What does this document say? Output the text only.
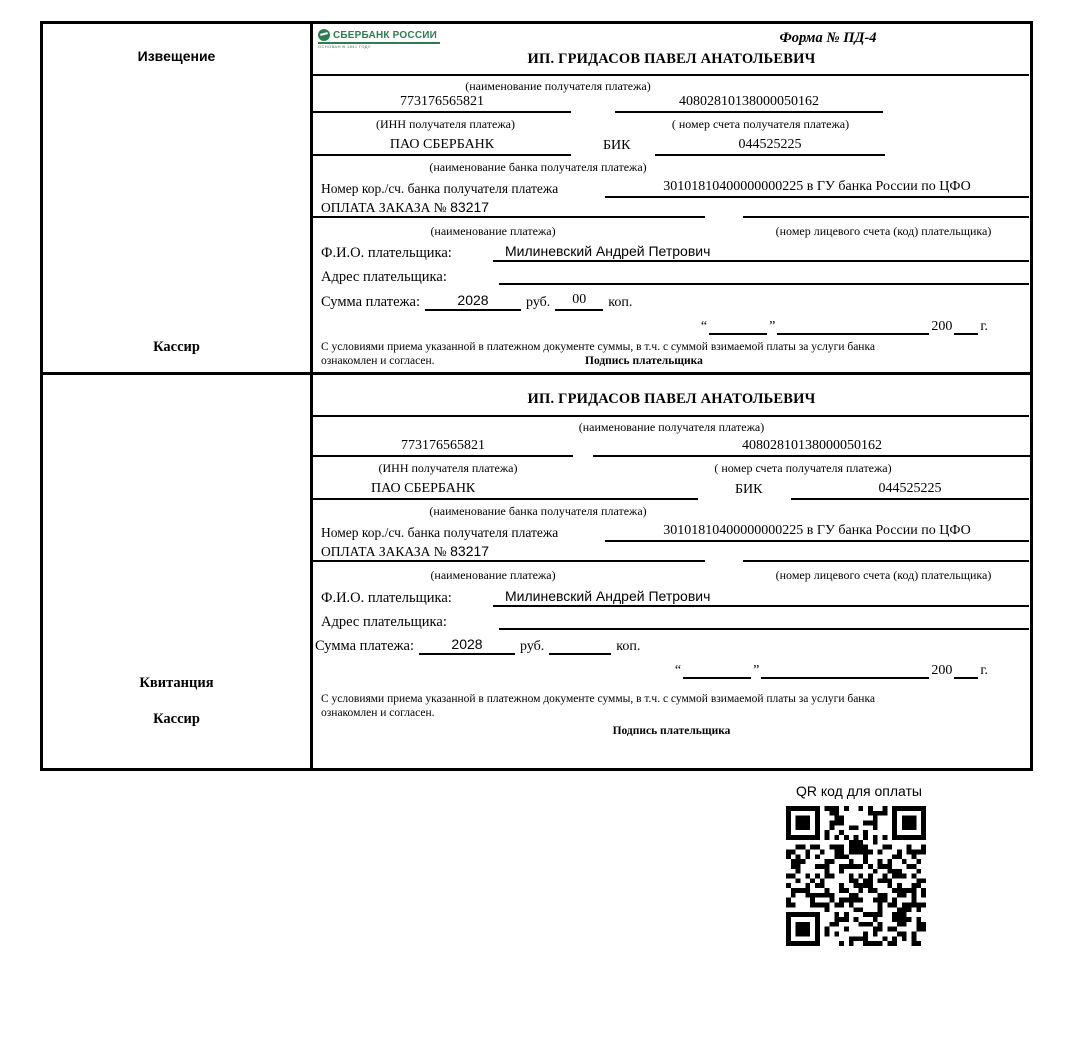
Извещение
Кассир
СБЕРБАНК РОССИИ
ОСНОВАН В 1841 ГОДУ
Форма № ПД-4
ИП. ГРИДАСОВ ПАВЕЛ АНАТОЛЬЕВИЧ
(наименование получателя платежа)
773176565821	40802810138000050162
(ИНН получателя платежа)	( номер счета получателя платежа)
ПАО СБЕРБАНК	БИК	044525225
(наименование банка получателя платежа)
Номер кор./сч. банка получателя платежа	30101810400000000225 в ГУ банка России по ЦФО
ОПЛАТА ЗАКАЗА № 83217
(наименование платежа)	(номер лицевого счета (код) плательщика)
Ф.И.О. плательщика:	Милиневский Андрей Петрович
Адрес плательщика:
Сумма платежа:	2028	руб.	00	коп.
“	”	200 г.
С условиями приема указанной в платежном документе суммы, в т.ч. с суммой взимаемой платы за услуги банка
ознакомлен и согласен.	Подпись плательщика
Квитанция
Кассир
ИП. ГРИДАСОВ ПАВЕЛ АНАТОЛЬЕВИЧ
(наименование получателя платежа)
773176565821	40802810138000050162
(ИНН получателя платежа)	( номер счета получателя платежа)
ПАО СБЕРБАНК	БИК	044525225
(наименование банка получателя платежа)
Номер кор./сч. банка получателя платежа	30101810400000000225 в ГУ банка России по ЦФО
ОПЛАТА ЗАКАЗА № 83217
(наименование платежа)	(номер лицевого счета (код) плательщика)
Ф.И.О. плательщика:	Милиневский Андрей Петрович
Адрес плательщика:
Сумма платежа:	2028	руб.	коп.
“	”	200 г.
С условиями приема указанной в платежном документе суммы, в т.ч. с суммой взимаемой платы за услуги банка
ознакомлен и согласен.
Подпись плательщика
QR код для оплаты
